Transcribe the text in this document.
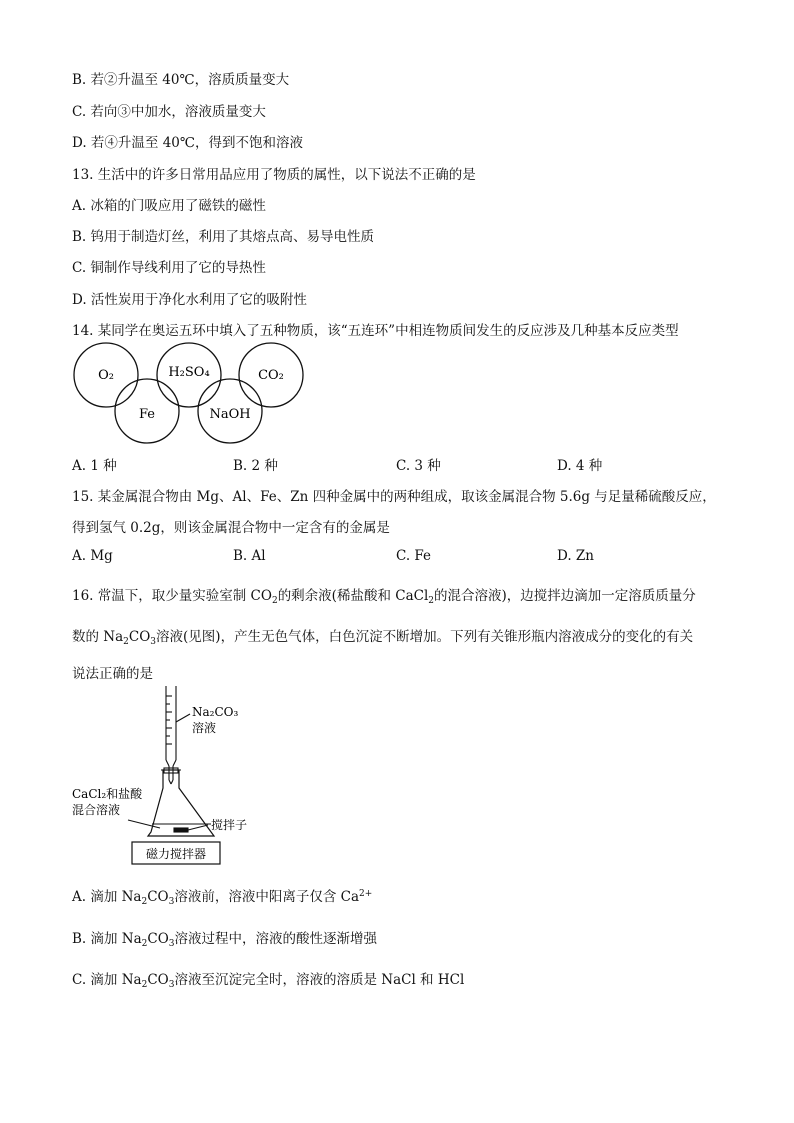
B. 若②升温至 40℃，溶质质量变大
C. 若向③中加水，溶液质量变大
D. 若④升温至 40℃，得到不饱和溶液
13. 生活中的许多日常用品应用了物质的属性，以下说法不正确的是
A. 冰箱的门吸应用了磁铁的磁性
B. 钨用于制造灯丝，利用了其熔点高、易导电性质
C. 铜制作导线利用了它的导热性
D. 活性炭用于净化水利用了它的吸附性
14. 某同学在奥运五环中填入了五种物质，该“五连环”中相连物质间发生的反应涉及几种基本反应类型
O₂	H₂SO₄	CO₂
Fe	NaOH
A. 1 种	B. 2 种	C. 3 种	D. 4 种
15. 某金属混合物由 Mg、Al、Fe、Zn 四种金属中的两种组成，取该金属混合物 5.6g 与足量稀硫酸反应，
得到氢气 0.2g，则该金属混合物中一定含有的金属是
A. Mg	B. Al	C. Fe	D. Zn
16. 常温下，取少量实验室制 $CO_2$的剩余液(稀盐酸和 CaCl$_2$的混合溶液)，边搅拌边滴加一定溶质质量分
数的 $Na_2CO_3$溶液(见图)，产生无色气体，白色沉淀不断增加。下列有关锥形瓶内溶液成分的变化的有关
说法正确的是
Na₂CO₃
溶液
CaCl₂和盐酸
混合溶液
搅拌子
磁力搅拌器
A. 滴加 $Na_2CO_3$溶液前，溶液中阳离子仅含 $Ca^{2+}$
B. 滴加 $Na_2CO_3$溶液过程中，溶液的酸性逐渐增强
C. 滴加 $Na_2CO_3$溶液至沉淀完全时，溶液的溶质是 NaCl 和 HCl
